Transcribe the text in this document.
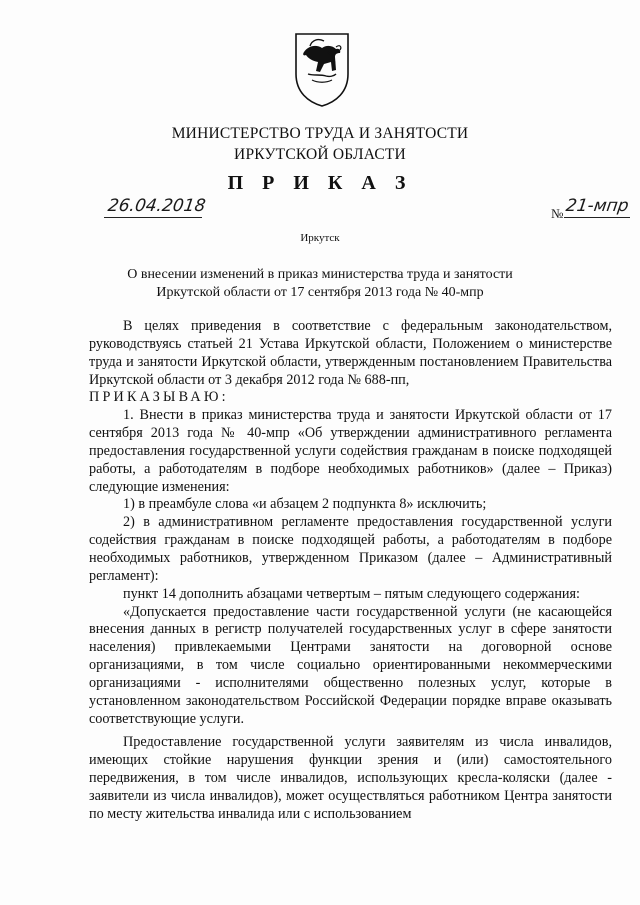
МИНИСТЕРСТВО ТРУДА И ЗАНЯТОСТИ
ИРКУТСКОЙ ОБЛАСТИ
П Р И К А З
26.04.2018	№ 21-мпр
Иркутск
О внесении изменений в приказ министерства труда и занятости
Иркутской области от 17 сентября 2013 года № 40-мпр

В целях приведения в соответствие с федеральным законодательством, руководствуясь статьей 21 Устава Иркутской области, Положением о министерстве труда и занятости Иркутской области, утвержденным постановлением Правительства Иркутской области от 3 декабря 2012 года № 688-пп,

ПРИКАЗЫВАЮ:

1. Внести в приказ министерства труда и занятости Иркутской области от 17 сентября 2013 года № 40-мпр «Об утверждении административного регламента предоставления государственной услуги содействия гражданам в поиске подходящей работы, а работодателям в подборе необходимых работников» (далее – Приказ) следующие изменения:

1) в преамбуле слова «и абзацем 2 подпункта 8» исключить;

2) в административном регламенте предоставления государственной услуги содействия гражданам в поиске подходящей работы, а работодателям в подборе необходимых работников, утвержденном Приказом (далее – Административный регламент):

пункт 14 дополнить абзацами четвертым – пятым следующего содержания:

«Допускается предоставление части государственной услуги (не касающейся внесения данных в регистр получателей государственных услуг в сфере занятости населения) привлекаемыми Центрами занятости на договорной основе организациями, в том числе социально ориентированными некоммерческими организациями - исполнителями общественно полезных услуг, которые в установленном законодательством Российской Федерации порядке вправе оказывать соответствующие услуги.

Предоставление государственной услуги заявителям из числа инвалидов, имеющих стойкие нарушения функции зрения и (или) самостоятельного передвижения, в том числе инвалидов, использующих кресла-коляски (далее - заявители из числа инвалидов), может осуществляться работником Центра занятости по месту жительства инвалида или с использованием
